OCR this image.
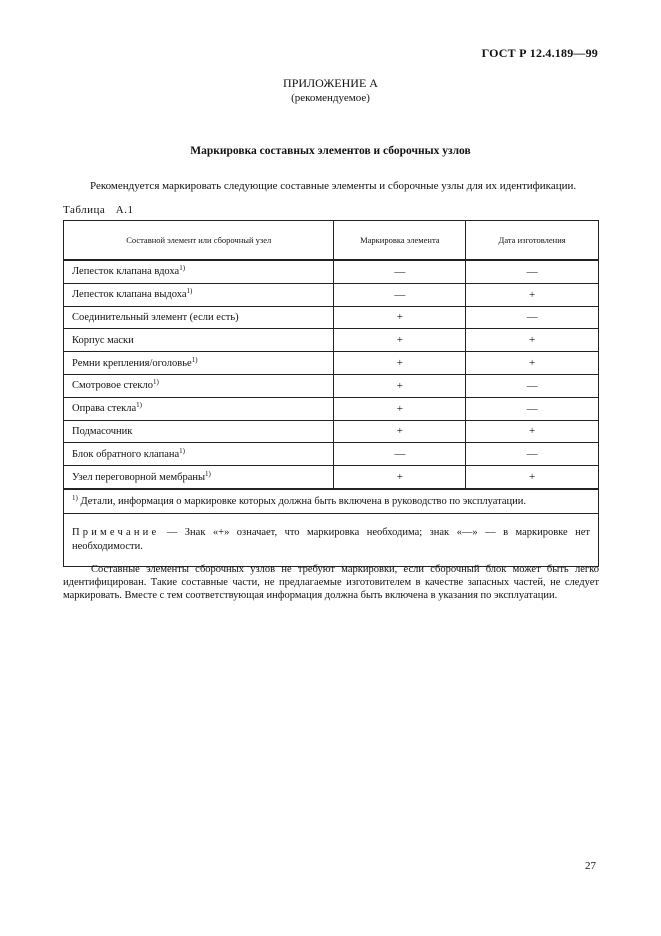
ГОСТ Р 12.4.189—99
ПРИЛОЖЕНИЕ А
(рекомендуемое)
Маркировка составных элементов и сборочных узлов
Рекомендуется маркировать следующие составные элементы и сборочные узлы для их идентификации.
Таблица А.1
Составной элемент или сборочный узел	Маркировка элемента	Дата изготовления
Лепесток клапана вдоха$^{1)}$	—	—
Лепесток клапана выдоха$^{1)}$	—	+
Соединительный элемент (если есть)	+	—
Корпус маски	+	+
Ремни крепления/оголовье$^{1)}$	+	+
Смотровое стекло$^{1)}$	+	—
Оправа стекла$^{1)}$	+	—
Подмасочник	+	+
Блок обратного клапана$^{1)}$	—	—
Узел переговорной мембраны$^{1)}$	+	+
$^{1)}$ Детали, информация о маркировке которых должна быть включена в руководство по эксплуатации.		
Примечание — Знак «+» означает, что маркировка необходима; знак «—» — в маркировке нет необходимости.		
Составные элементы сборочных узлов не требуют маркировки, если сборочный блок может быть легко идентифицирован. Такие составные части, не предлагаемые изготовителем в качестве запасных частей, не следует маркировать. Вместе с тем соответствующая информация должна быть включена в указания по эксплуатации.
27
